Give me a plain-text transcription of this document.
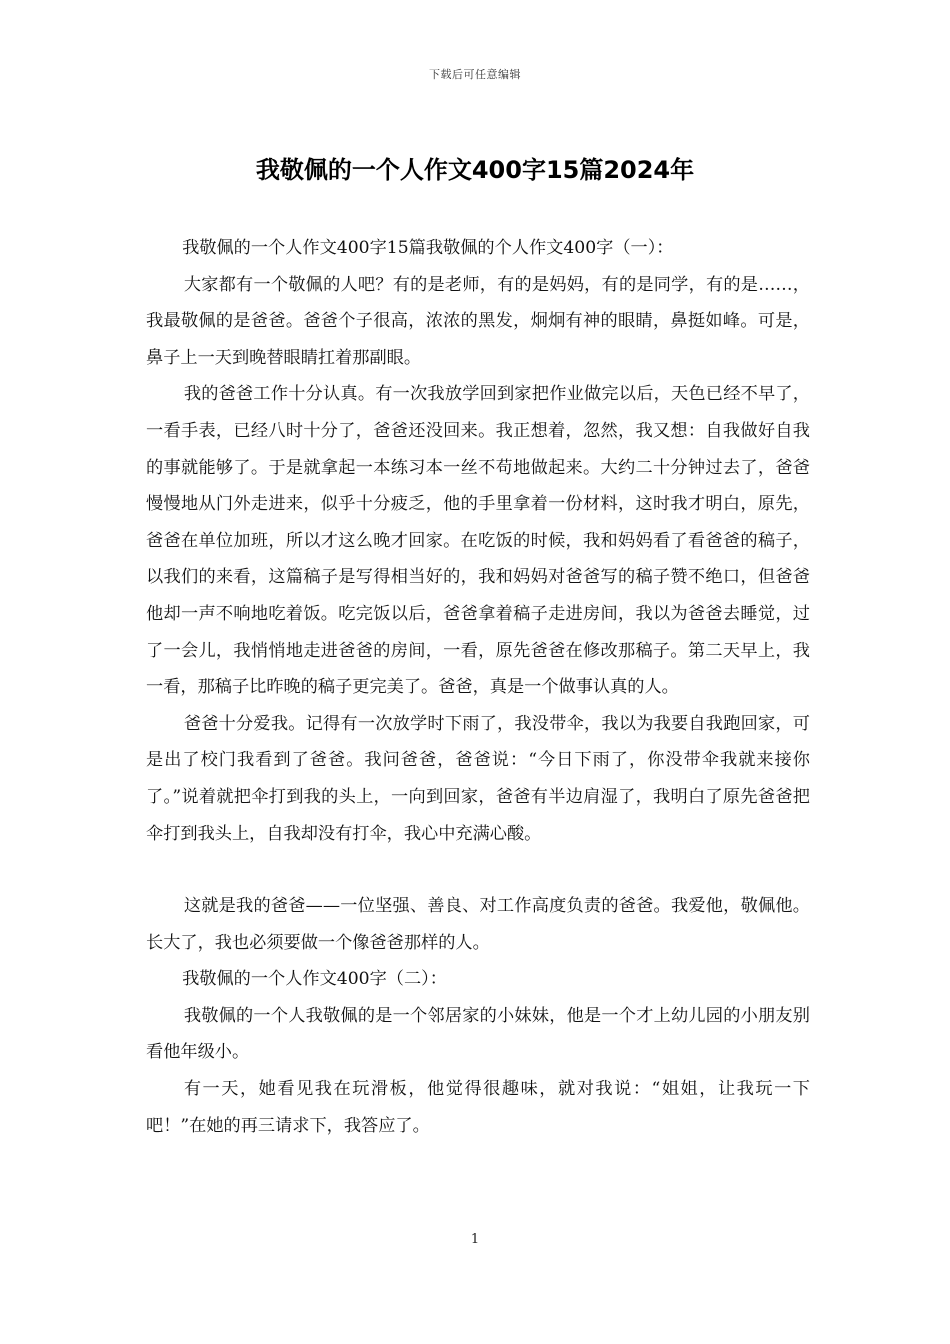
下载后可任意编辑
我敬佩的一个人作文400字15篇2024年

我敬佩的一个人作文400字15篇我敬佩的个人作文400字（一）：

大家都有一个敬佩的人吧？有的是老师，有的是妈妈，有的是同学，有的是……，我最敬佩的是爸爸。爸爸个子很高，浓浓的黑发，炯炯有神的眼睛，鼻挺如峰。可是，鼻子上一天到晚替眼睛扛着那副眼。

我的爸爸工作十分认真。有一次我放学回到家把作业做完以后，天色已经不早了，一看手表，已经八时十分了，爸爸还没回来。我正想着，忽然，我又想：自我做好自我的事就能够了。于是就拿起一本练习本一丝不苟地做起来。大约二十分钟过去了，爸爸慢慢地从门外走进来，似乎十分疲乏，他的手里拿着一份材料，这时我才明白，原先，爸爸在单位加班，所以才这么晚才回家。在吃饭的时候，我和妈妈看了看爸爸的稿子，以我们的来看，这篇稿子是写得相当好的，我和妈妈对爸爸写的稿子赞不绝口，但爸爸他却一声不响地吃着饭。吃完饭以后，爸爸拿着稿子走进房间，我以为爸爸去睡觉，过了一会儿，我悄悄地走进爸爸的房间，一看，原先爸爸在修改那稿子。第二天早上，我一看，那稿子比昨晚的稿子更完美了。爸爸，真是一个做事认真的人。

爸爸十分爱我。记得有一次放学时下雨了，我没带伞，我以为我要自我跑回家，可是出了校门我看到了爸爸。我问爸爸，爸爸说：“今日下雨了，你没带伞我就来接你了。”说着就把伞打到我的头上，一向到回家，爸爸有半边肩湿了，我明白了原先爸爸把伞打到我头上，自我却没有打伞，我心中充满心酸。

这就是我的爸爸——一位坚强、善良、对工作高度负责的爸爸。我爱他，敬佩他。长大了，我也必须要做一个像爸爸那样的人。

我敬佩的一个人作文400字（二）：

我敬佩的一个人我敬佩的是一个邻居家的小妹妹，他是一个才上幼儿园的小朋友别看他年级小。

有一天，她看见我在玩滑板，他觉得很趣味，就对我说：“姐姐，让我玩一下吧！”在她的再三请求下，我答应了。

1
